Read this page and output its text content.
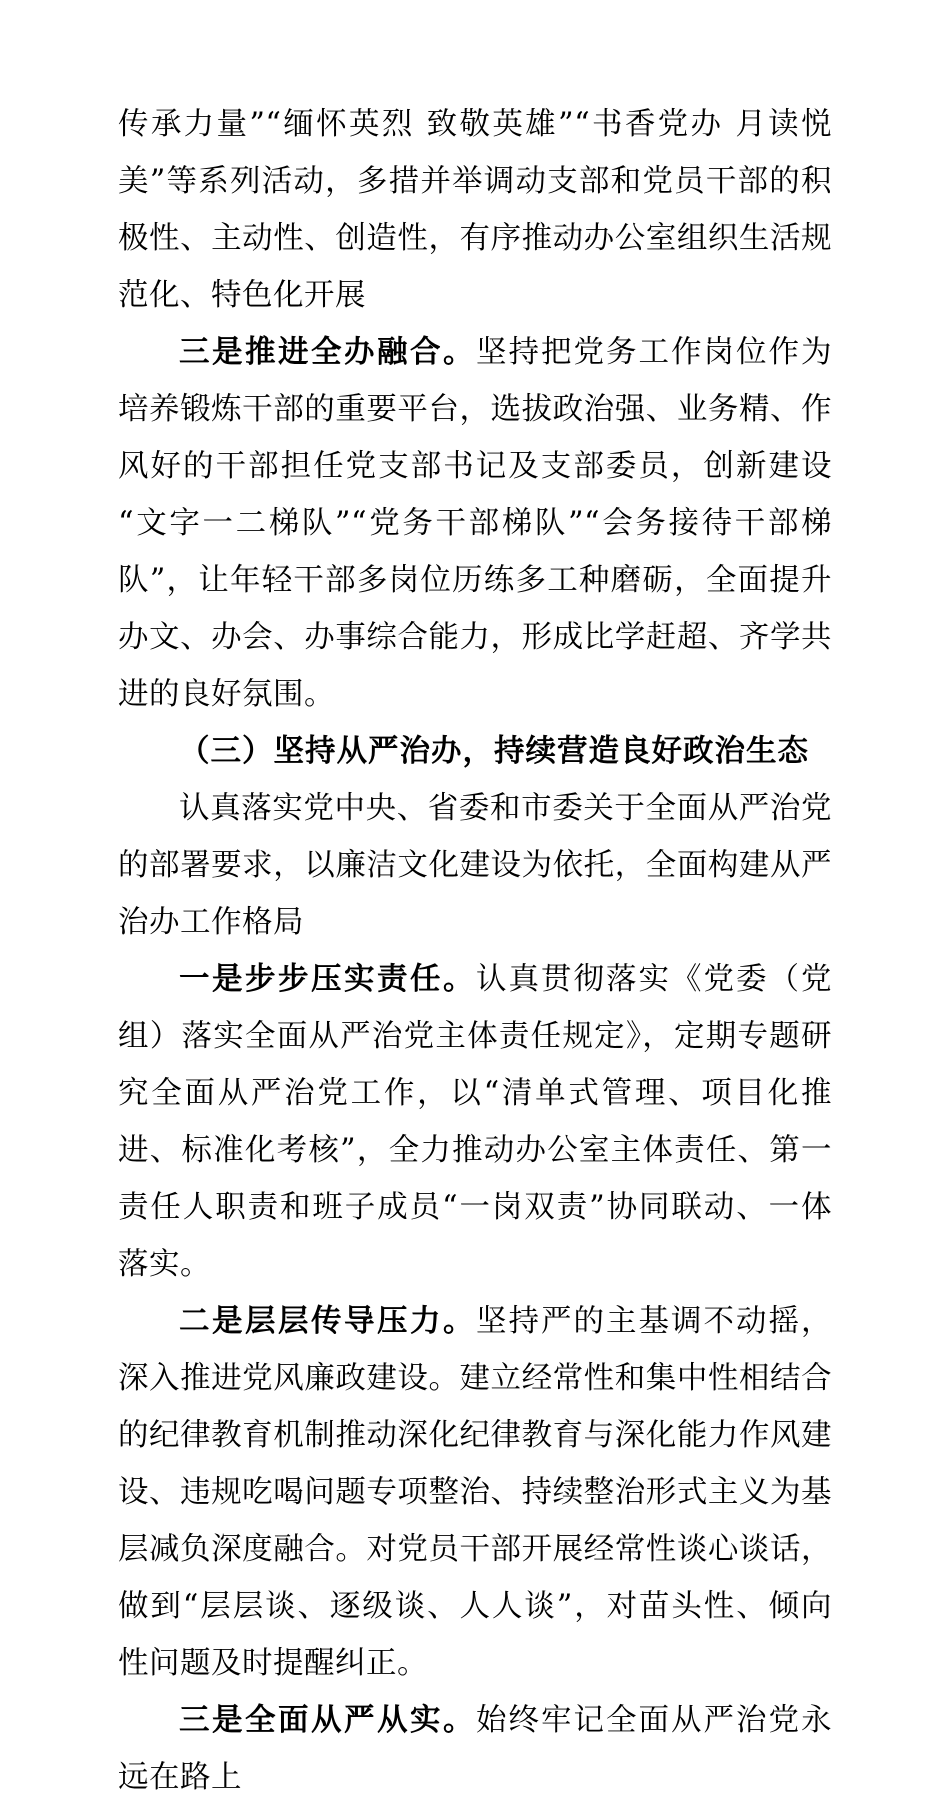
传承力量”“缅怀英烈 致敬英雄”“书香党办 月读悦美”等系列活动，多措并举调动支部和党员干部的积极性、主动性、创造性，有序推动办公室组织生活规范化、特色化开展

三是推进全办融合。坚持把党务工作岗位作为培养锻炼干部的重要平台，选拔政治强、业务精、作风好的干部担任党支部书记及支部委员，创新建设“文字一二梯队”“党务干部梯队”“会务接待干部梯队”，让年轻干部多岗位历练多工种磨砺，全面提升办文、办会、办事综合能力，形成比学赶超、齐学共进的良好氛围。

（三）坚持从严治办，持续营造良好政治生态

认真落实党中央、省委和市委关于全面从严治党的部署要求，以廉洁文化建设为依托，全面构建从严治办工作格局

一是步步压实责任。认真贯彻落实《党委（党组）落实全面从严治党主体责任规定》，定期专题研究全面从严治党工作，以“清单式管理、项目化推进、标准化考核”，全力推动办公室主体责任、第一责任人职责和班子成员“一岗双责”协同联动、一体落实。

二是层层传导压力。坚持严的主基调不动摇，深入推进党风廉政建设。建立经常性和集中性相结合的纪律教育机制推动深化纪律教育与深化能力作风建设、违规吃喝问题专项整治、持续整治形式主义为基层减负深度融合。对党员干部开展经常性谈心谈话，做到“层层谈、逐级谈、人人谈”，对苗头性、倾向性问题及时提醒纠正。

三是全面从严从实。始终牢记全面从严治党永远在路上
